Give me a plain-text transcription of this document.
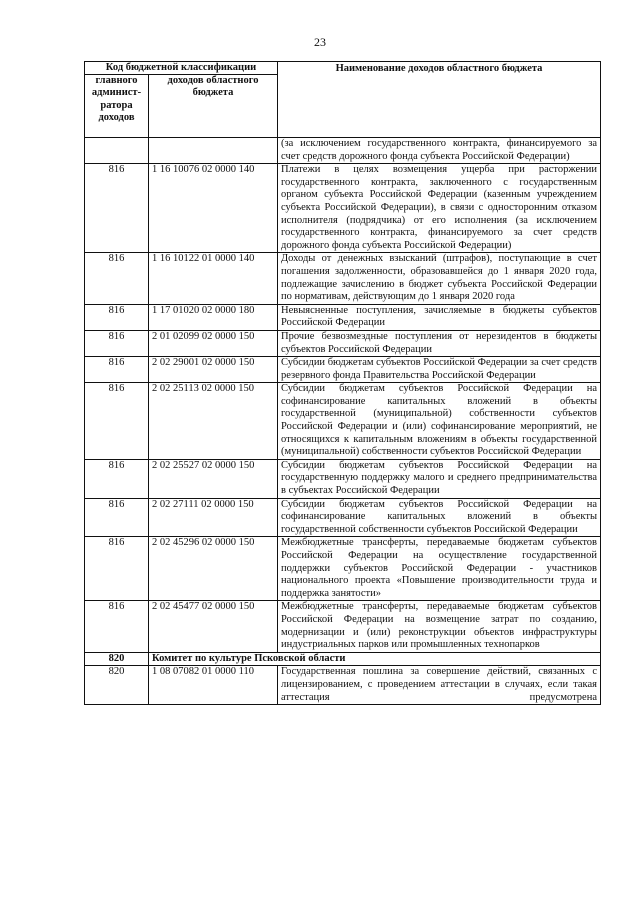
23
Код бюджетной классификации		Наименование доходов областного бюджета
главного админист-ратора доходов	доходов областного бюджета	
		(за исключением государственного контракта, финансируемого за счет средств дорожного фонда субъекта Российской Федерации)
816	1 16 10076 02 0000 140	Платежи в целях возмещения ущерба при расторжении государственного контракта, заключенного с государственным органом субъекта Российской Федерации (казенным учреждением субъекта Российской Федерации), в связи с односторонним отказом исполнителя (подрядчика) от его исполнения (за исключением государственного контракта, финансируемого за счет средств дорожного фонда субъекта Российской Федерации)
816	1 16 10122 01 0000 140	Доходы от денежных взысканий (штрафов), поступающие в счет погашения задолженности, образовавшейся до 1 января 2020 года, подлежащие зачислению в бюджет субъекта Российской Федерации по нормативам, действующим до 1 января 2020 года
816	1 17 01020 02 0000 180	Невыясненные поступления, зачисляемые в бюджеты субъектов Российской Федерации
816	2 01 02099 02 0000 150	Прочие безвозмездные поступления от нерезидентов в бюджеты субъектов Российской Федерации
816	2 02 29001 02 0000 150	Субсидии бюджетам субъектов Российской Федерации за счет средств резервного фонда Правительства Российской Федерации
816	2 02 25113 02 0000 150	Субсидии бюджетам субъектов Российской Федерации на софинансирование капитальных вложений в объекты государственной (муниципальной) собственности субъектов Российской Федерации и (или) софинансирование мероприятий, не относящихся к капитальным вложениям в объекты государственной (муниципальной) собственности субъектов Российской Федерации
816	2 02 25527 02 0000 150	Субсидии бюджетам субъектов Российской Федерации на государственную поддержку малого и среднего предпринимательства в субъектах Российской Федерации
816	2 02 27111 02 0000 150	Субсидии бюджетам субъектов Российской Федерации на софинансирование капитальных вложений в объекты государственной собственности субъектов Российской Федерации
816	2 02 45296 02 0000 150	Межбюджетные трансферты, передаваемые бюджетам субъектов Российской Федерации на осуществление государственной поддержки субъектов Российской Федерации - участников национального проекта «Повышение производительности труда и поддержка занятости»
816	2 02 45477 02 0000 150	Межбюджетные трансферты, передаваемые бюджетам субъектов Российской Федерации на возмещение затрат по созданию, модернизации и (или) реконструкции объектов инфраструктуры индустриальных парков или промышленных технопарков
820	Комитет по культуре Псковской области	
820	1 08 07082 01 0000 110	Государственная пошлина за совершение действий, связанных с лицензированием, с проведением аттестации в случаях, если такая аттестация предусмотрена
